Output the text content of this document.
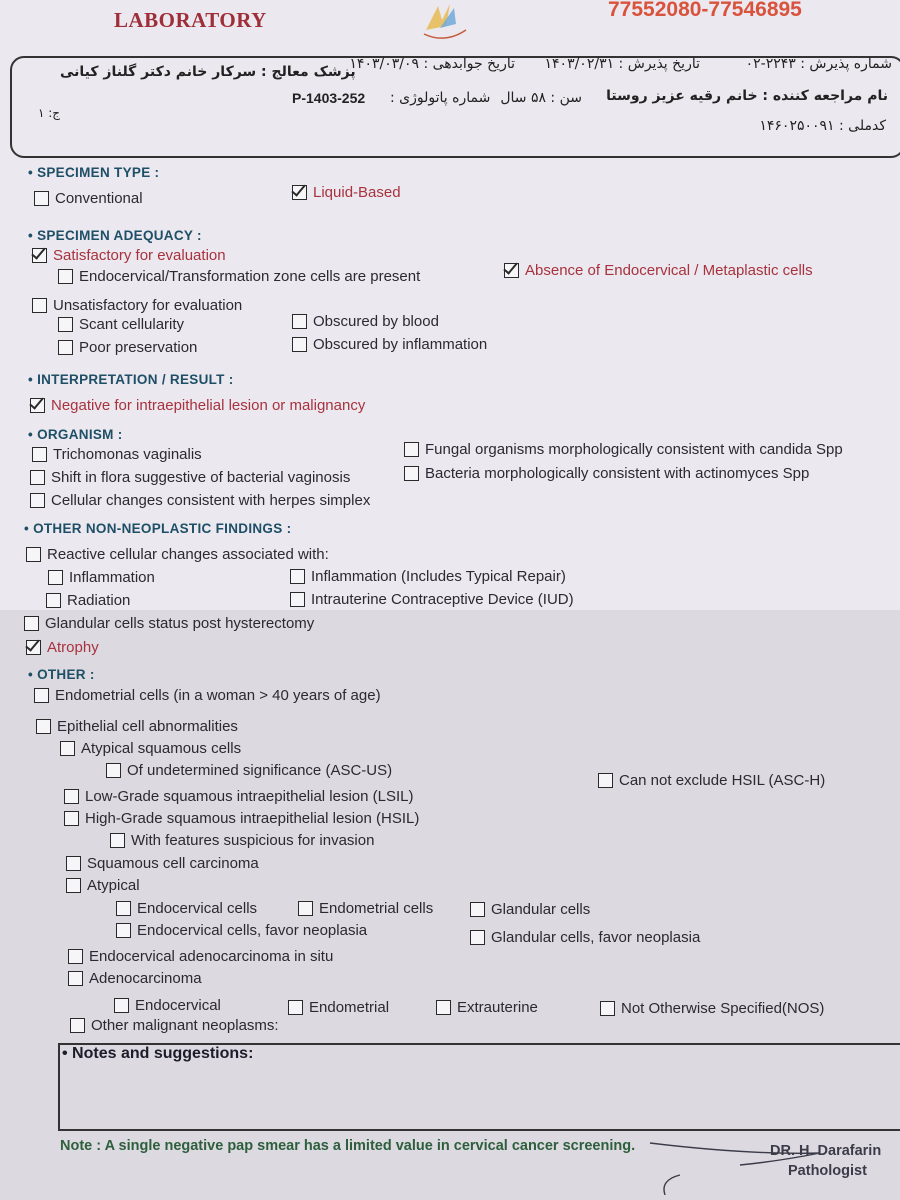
LABORATORY	77552080-77546895
شماره پذیرش : ۲۲۴۳-۰۲
تاریخ پذیرش : ۱۴۰۳/۰۲/۳۱
تاریخ جوابدهی : ۱۴۰۳/۰۳/۰۹
پزشک معالج : سرکار خانم دکتر گلناز کیانی
نام مراجعه کننده : خانم رقیه عزیز روستا
سن : ۵۸ سال
شماره پاتولوژی :
P-1403-252
کدملی : ۱۴۶۰۲۵۰۰۹۱
ج: ۱
• SPECIMEN TYPE :
Conventional	Liquid-Based
• SPECIMEN ADEQUACY :
Satisfactory for evaluation
Endocervical/Transformation zone cells are present	Absence of Endocervical / Metaplastic cells
Unsatisfactory for evaluation
Scant cellularity	Obscured by blood
Poor preservation	Obscured by inflammation
• INTERPRETATION / RESULT :
Negative for intraepithelial lesion or malignancy
• ORGANISM :
Trichomonas vaginalis	Fungal organisms morphologically consistent with candida Spp
Shift in flora suggestive of bacterial vaginosis	Bacteria morphologically consistent with actinomyces Spp
Cellular changes consistent with herpes simplex
• OTHER NON-NEOPLASTIC FINDINGS :
Reactive cellular changes associated with:
Inflammation	Inflammation (Includes Typical Repair)
Radiation	Intrauterine Contraceptive Device (IUD)
Glandular cells status post hysterectomy
Atrophy
• OTHER :
Endometrial cells (in a woman > 40 years of age)
Epithelial cell abnormalities
Atypical squamous cells
Of undetermined significance (ASC-US)
Can not exclude HSIL (ASC-H)
Low-Grade squamous intraepithelial lesion (LSIL)
High-Grade squamous intraepithelial lesion (HSIL)
With features suspicious for invasion
Squamous cell carcinoma
Atypical
Endocervical cells	Endometrial cells	Glandular cells
Endocervical cells, favor neoplasia	Glandular cells, favor neoplasia
Endocervical adenocarcinoma in situ
Adenocarcinoma
Endocervical	Endometrial	Extrauterine	Not Otherwise Specified(NOS)
Other malignant neoplasms:
• Notes and suggestions:
Note : A single negative pap smear has a limited value in cervical cancer screening.	DR. H. Darafarin
Pathologist
